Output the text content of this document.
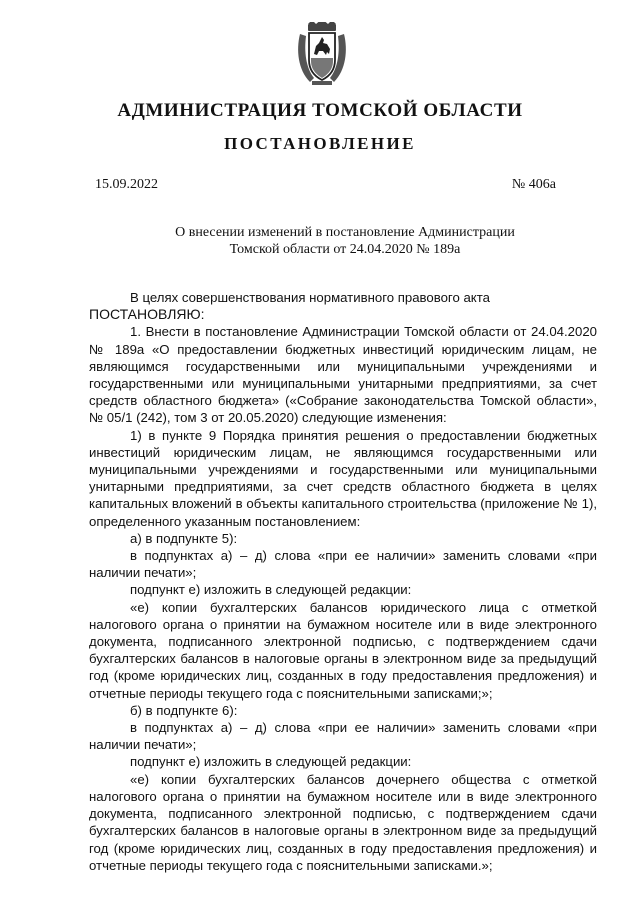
АДМИНИСТРАЦИЯ ТОМСКОЙ ОБЛАСТИ
ПОСТАНОВЛЕНИЕ
15.09.2022	№ 406а
О внесении изменений в постановление Администрации
Томской области от 24.04.2020 № 189а

В целях совершенствования нормативного правового акта

ПОСТАНОВЛЯЮ:

1. Внести в постановление Администрации Томской области от 24.04.2020 № 189а «О предоставлении бюджетных инвестиций юридическим лицам, не являющимся государственными или муниципальными учреждениями и государственными или муниципальными унитарными предприятиями, за счет средств областного бюджета» («Собрание законодательства Томской области», № 05/1 (242), том 3 от 20.05.2020) следующие изменения:

1) в пункте 9 Порядка принятия решения о предоставлении бюджетных инвестиций юридическим лицам, не являющимся государственными или муниципальными учреждениями и государственными или муниципальными унитарными предприятиями, за счет средств областного бюджета в целях капитальных вложений в объекты капитального строительства (приложение № 1), определенного указанным постановлением:

а) в подпункте 5):

в подпунктах а) – д) слова «при ее наличии» заменить словами «при наличии печати»;

подпункт е) изложить в следующей редакции:

«е) копии бухгалтерских балансов юридического лица с отметкой налогового органа о принятии на бумажном носителе или в виде электронного документа, подписанного электронной подписью, с подтверждением сдачи бухгалтерских балансов в налоговые органы в электронном виде за предыдущий год (кроме юридических лиц, созданных в году предоставления предложения) и отчетные периоды текущего года с пояснительными записками;»;

б) в подпункте 6):

в подпунктах а) – д) слова «при ее наличии» заменить словами «при наличии печати»;

подпункт е) изложить в следующей редакции:

«е) копии бухгалтерских балансов дочернего общества с отметкой налогового органа о принятии на бумажном носителе или в виде электронного документа, подписанного электронной подписью, с подтверждением сдачи бухгалтерских балансов в налоговые органы в электронном виде за предыдущий год (кроме юридических лиц, созданных в году предоставления предложения) и отчетные периоды текущего года с пояснительными записками.»;
